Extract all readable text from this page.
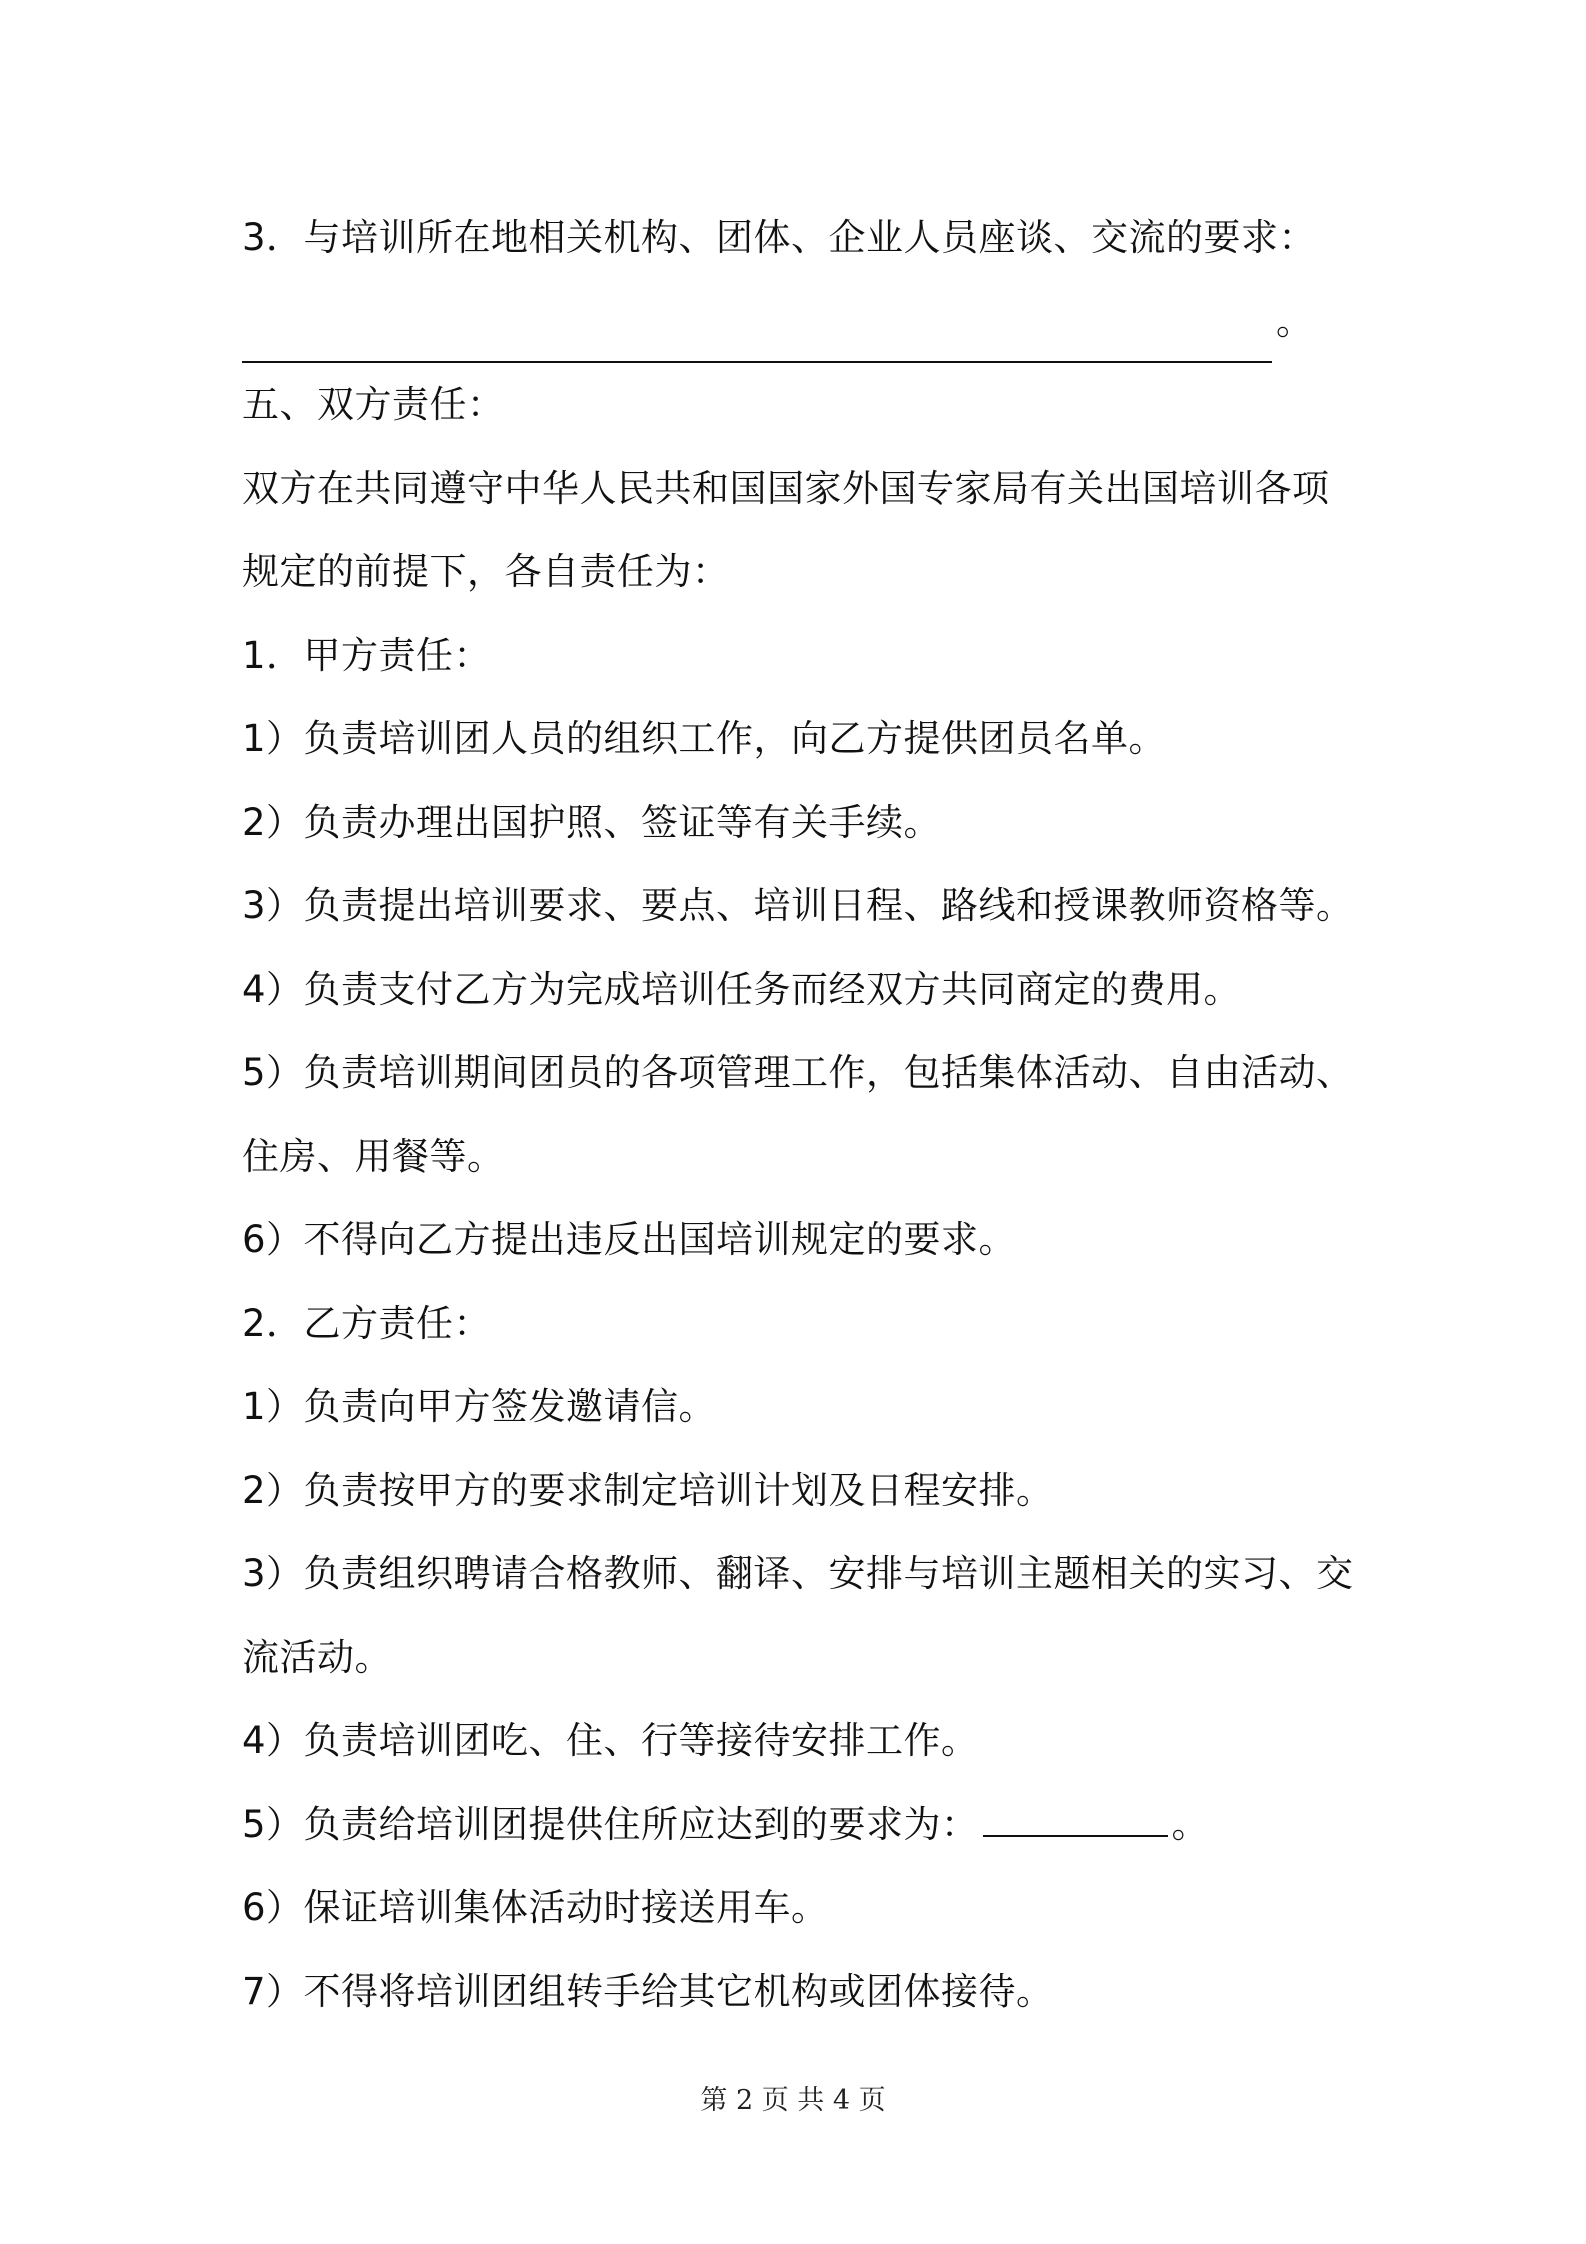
3．与培训所在地相关机构、团体、企业人员座谈、交流的要求：
。
五、双方责任：
双方在共同遵守中华人民共和国国家外国专家局有关出国培训各项
规定的前提下，各自责任为：
1．甲方责任：
1）负责培训团人员的组织工作，向乙方提供团员名单。
2）负责办理出国护照、签证等有关手续。
3）负责提出培训要求、要点、培训日程、路线和授课教师资格等。
4）负责支付乙方为完成培训任务而经双方共同商定的费用。
5）负责培训期间团员的各项管理工作，包括集体活动、自由活动、
住房、用餐等。
6）不得向乙方提出违反出国培训规定的要求。
2．乙方责任：
1）负责向甲方签发邀请信。
2）负责按甲方的要求制定培训计划及日程安排。
3）负责组织聘请合格教师、翻译、安排与培训主题相关的实习、交
流活动。
4）负责培训团吃、住、行等接待安排工作。
5）负责给培训团提供住所应达到的要求为：	。
6）保证培训集体活动时接送用车。
7）不得将培训团组转手给其它机构或团体接待。
第 2 页 共 4 页
